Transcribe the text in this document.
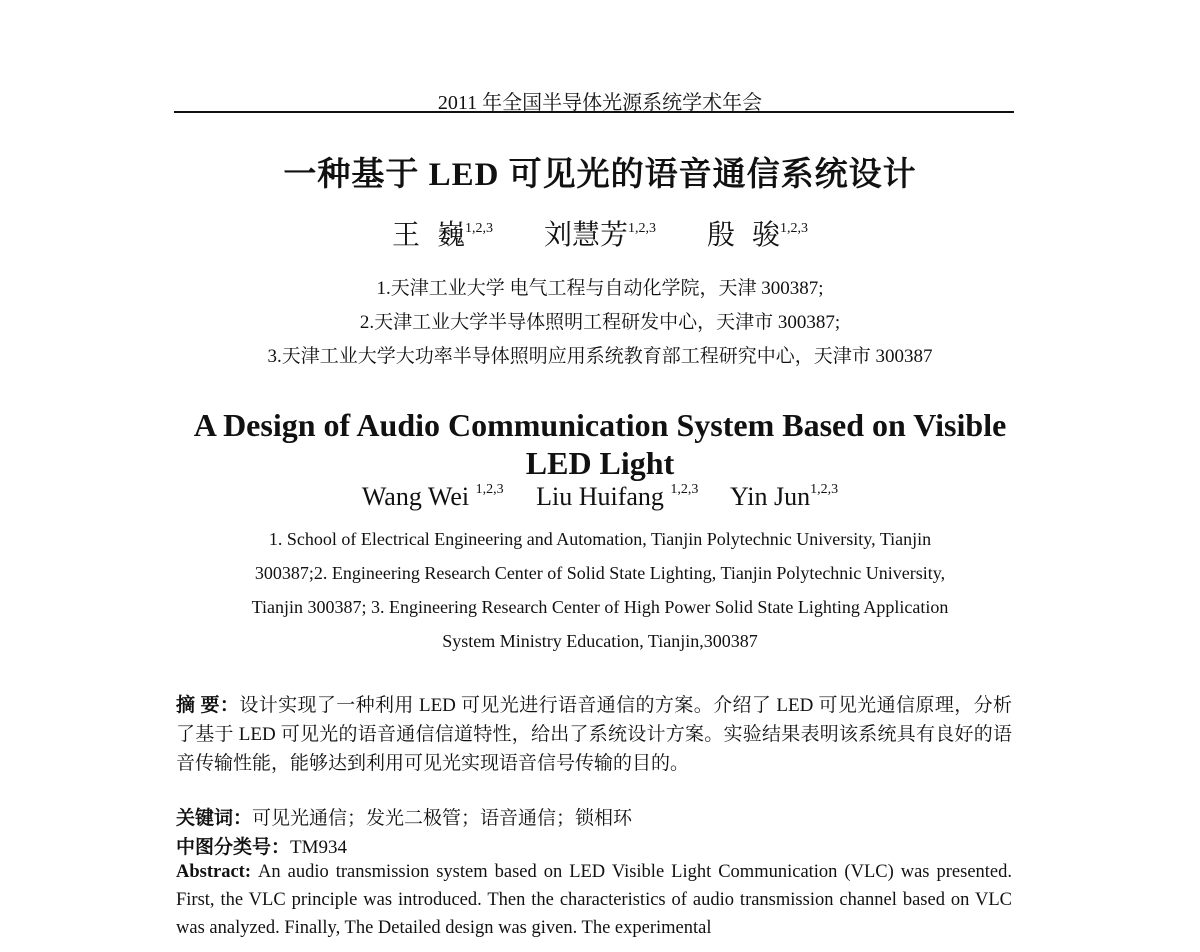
2011 年全国半导体光源系统学术年会
一种基于 LED 可见光的语音通信系统设计
王 巍$^{1,2,3}$ 刘慧芳$^{1,2,3}$ 殷 骏$^{1,2,3}$
1.天津工业大学 电气工程与自动化学院，天津 300387;
2.天津工业大学半导体照明工程研发中心，天津市 300387;
3.天津工业大学大功率半导体照明应用系统教育部工程研究中心，天津市 300387
A Design of Audio Communication System Based on Visible
LED Light
Wang Wei $^{1,2,3}$ Liu Huifang $^{1,2,3}$ Yin Jun$^{1,2,3}$
1. School of Electrical Engineering and Automation, Tianjin Polytechnic University, Tianjin
300387;2. Engineering Research Center of Solid State Lighting, Tianjin Polytechnic University,
Tianjin 300387; 3. Engineering Research Center of High Power Solid State Lighting Application
System Ministry Education, Tianjin,300387
摘 要：设计实现了一种利用 LED 可见光进行语音通信的方案。介绍了 LED 可见光通信原理，分析了基于 LED 可见光的语音通信信道特性，给出了系统设计方案。实验结果表明该系统具有良好的语音传输性能，能够达到利用可见光实现语音信号传输的目的。
关键词：可见光通信；发光二极管；语音通信；锁相环
中图分类号：TM934
Abstract: An audio transmission system based on LED Visible Light Communication (VLC) was presented. First, the VLC principle was introduced. Then the characteristics of audio transmission channel based on VLC was analyzed. Finally, The Detailed design was given. The experimental
